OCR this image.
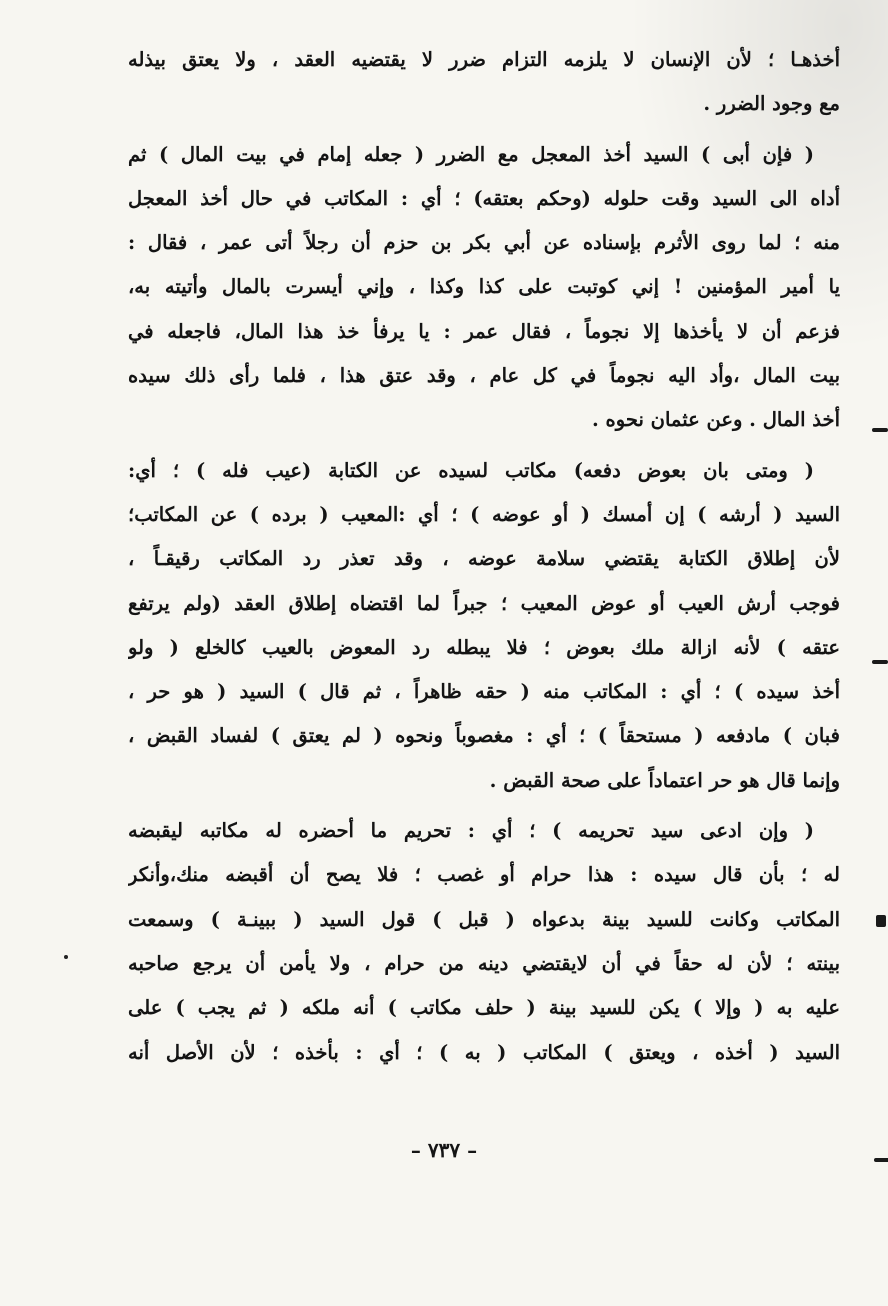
أخذهـا ؛ لأن الإنسان لا يلزمه التزام ضرر لا يقتضيه العقد ، ولا يعتق بيذله
مع وجود الضرر .
( فإن أبى ) السيد أخذ المعجل مع الضرر ( جعله إمام في بيت المال ) ثم
أداه الى السيد وقت حلوله (وحكم بعتقه) ؛ أي : المكاتب في حال أخذ المعجل
منه ؛ لما روى الأثرم بإسناده عن أبي بكر بن حزم أن رجلاً أتى عمر ، فقال :
يا أمير المؤمنين ! إني كوتبت على كذا وكذا ، وإني أيسرت بالمال وأتيته به،
فزعم أن لا يأخذها إلا نجوماً ، فقال عمر : يا يرفأ خذ هذا المال، فاجعله في
بيت المال ،وأد اليه نجوماً في كل عام ، وقد عتق هذا ، فلما رأى ذلك سيده
أخذ المال . وعن عثمان نحوه .
( ومتى بان بعوض دفعه) مكاتب لسيده عن الكتابة (عيب فله ) ؛ أي:
السيد ( أرشه ) إن أمسك ( أو عوضه ) ؛ أي :المعيب ( برده ) عن المكاتب؛
لأن إطلاق الكتابة يقتضي سلامة عوضه ، وقد تعذر رد المكاتب رقيقـاً ،
فوجب أرش العيب أو عوض المعيب ؛ جبراً لما اقتضاه إطلاق العقد (ولم يرتفع
عتقه ) لأنه ازالة ملك بعوض ؛ فلا يبطله رد المعوض بالعيب كالخلع ( ولو
أخذ سيده ) ؛ أي : المكاتب منه ( حقه ظاهراً ، ثم قال ) السيد ( هو حر ،
فبان ) مادفعه ( مستحقاً ) ؛ أي : مغصوباً ونحوه ( لم يعتق ) لفساد القبض ،
وإنما قال هو حر اعتماداً على صحة القبض .
( وإن ادعى سيد تحريمه ) ؛ أي : تحريم ما أحضره له مكاتبه ليقبضه
له ؛ بأن قال سيده : هذا حرام أو غصب ؛ فلا يصح أن أقبضه منك،وأنكر
المكاتب وكانت للسيد بينة بدعواه ( قبل ) قول السيد ( ببينـة ) وسمعت
بينته ؛ لأن له حقاً في أن لايقتضي دينه من حرام ، ولا يأمن أن يرجع صاحبه
عليه به ( وإلا ) يكن للسيد بينة ( حلف مكاتب ) أنه ملكه ( ثم يجب ) على
السيد ( أخذه ، ويعتق ) المكاتب ( به ) ؛ أي : بأخذه ؛ لأن الأصل أنه
– ٧٣٧ –
